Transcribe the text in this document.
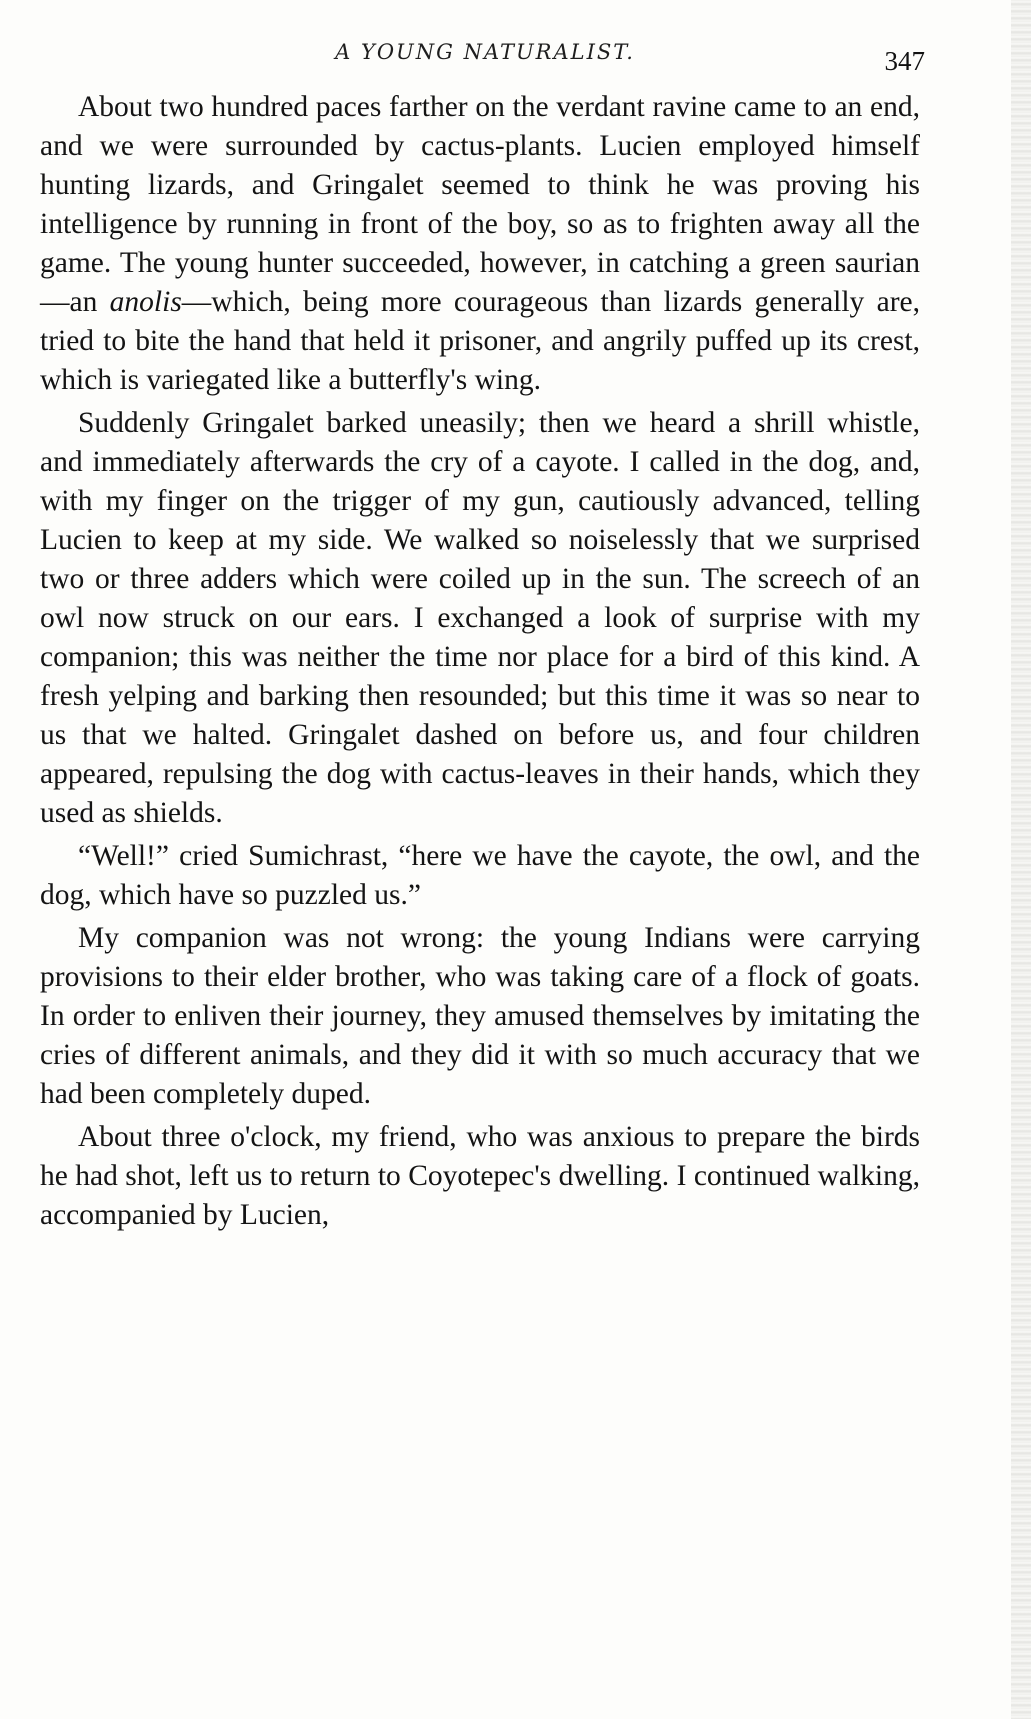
A YOUNG NATURALIST.	347

About two hundred paces farther on the verdant ravine came to an end, and we were surrounded by cactus-plants. Lucien employed himself hunting lizards, and Gringalet seemed to think he was proving his intelligence by running in front of the boy, so as to frighten away all the game. The young hunter succeeded, however, in catching a green saurian—an anolis—which, being more courageous than lizards generally are, tried to bite the hand that held it prisoner, and angrily puffed up its crest, which is variegated like a butterfly's wing.

Suddenly Gringalet barked uneasily; then we heard a shrill whistle, and immediately afterwards the cry of a cayote. I called in the dog, and, with my finger on the trigger of my gun, cautiously advanced, telling Lucien to keep at my side. We walked so noiselessly that we surprised two or three adders which were coiled up in the sun. The screech of an owl now struck on our ears. I exchanged a look of surprise with my companion; this was neither the time nor place for a bird of this kind. A fresh yelping and barking then resounded; but this time it was so near to us that we halted. Gringalet dashed on before us, and four children appeared, repulsing the dog with cactus-leaves in their hands, which they used as shields.

“Well!” cried Sumichrast, “here we have the cayote, the owl, and the dog, which have so puzzled us.”

My companion was not wrong: the young Indians were carrying provisions to their elder brother, who was taking care of a flock of goats. In order to enliven their journey, they amused themselves by imitating the cries of different animals, and they did it with so much accuracy that we had been completely duped.

About three o'clock, my friend, who was anxious to prepare the birds he had shot, left us to return to Coyotepec's dwelling. I continued walking, accompanied by Lucien,
